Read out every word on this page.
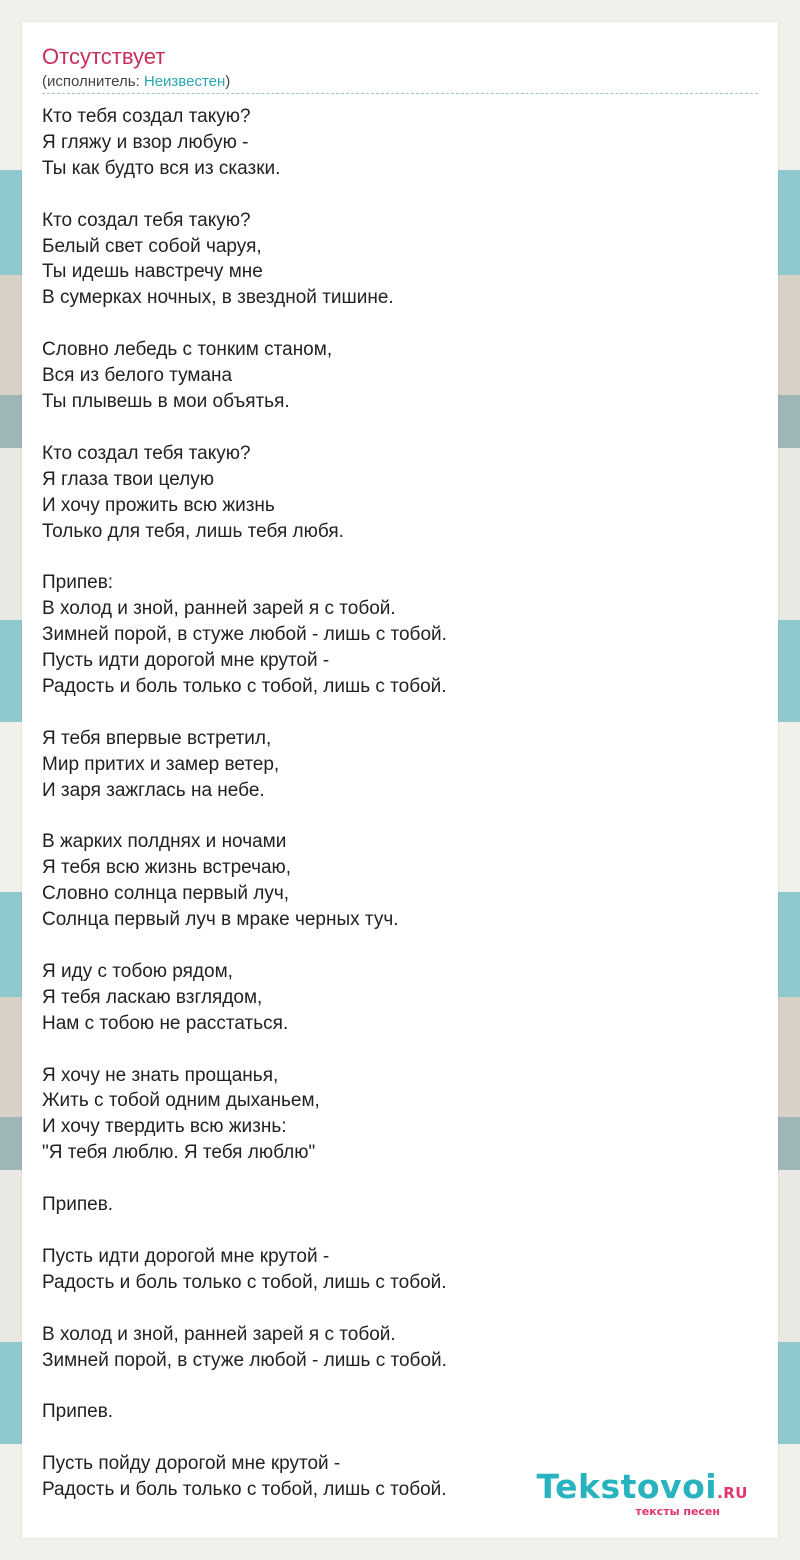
Отсутствует
(исполнитель: Неизвестен)
Кто тебя создал такую?
Я гляжу и взор любую -
Ты как будто вся из сказки.

Кто создал тебя такую?
Белый свет собой чаруя,
Ты идешь навстречу мне
В сумерках ночных, в звездной тишине.

Словно лебедь с тонким станом,
Вся из белого тумана
Ты плывешь в мои объятья.

Кто создал тебя такую?
Я глаза твои целую
И хочу прожить всю жизнь
Только для тебя, лишь тебя любя.

Припев:
В холод и зной, ранней зарей я с тобой.
Зимней порой, в стуже любой - лишь с тобой.
Пусть идти дорогой мне крутой -
Радость и боль только с тобой, лишь с тобой.

Я тебя впервые встретил,
Мир притих и замер ветер,
И заря зажглась на небе.

В жарких полднях и ночами
Я тебя всю жизнь встречаю,
Словно солнца первый луч,
Солнца первый луч в мраке черных туч.

Я иду с тобою рядом,
Я тебя ласкаю взглядом,
Нам с тобою не расстаться.

Я хочу не знать прощанья,
Жить с тобой одним дыханьем,
И хочу твердить всю жизнь:
"Я тебя люблю. Я тебя люблю"

Припев.

Пусть идти дорогой мне крутой -
Радость и боль только с тобой, лишь с тобой.

В холод и зной, ранней зарей я с тобой.
Зимней порой, в стуже любой - лишь с тобой.

Припев.

Пусть пойду дорогой мне крутой -
Радость и боль только с тобой, лишь с тобой.	Tekstovoi.RU
тексты песен
